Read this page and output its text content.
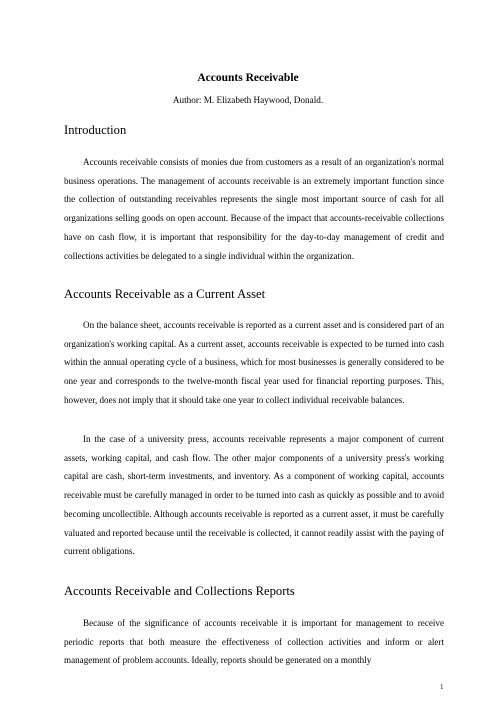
Accounts Receivable
Author: M. Elizabeth Haywood, Donald.
Introduction

Accounts receivable consists of monies due from customers as a result of an organization's normal business operations. The management of accounts receivable is an extremely important function since the collection of outstanding receivables represents the single most important source of cash for all organizations selling goods on open account. Because of the impact that accounts-receivable collections have on cash flow, it is important that responsibility for the day-to-day management of credit and collections activities be delegated to a single individual within the organization.

Accounts Receivable as a Current Asset

On the balance sheet, accounts receivable is reported as a current asset and is considered part of an organization's working capital. As a current asset, accounts receivable is expected to be turned into cash within the annual operating cycle of a business, which for most businesses is generally considered to be one year and corresponds to the twelve-month fiscal year used for financial reporting purposes. This, however, does not imply that it should take one year to collect individual receivable balances.

In the case of a university press, accounts receivable represents a major component of current assets, working capital, and cash flow. The other major components of a university press's working capital are cash, short-term investments, and inventory. As a component of working capital, accounts receivable must be carefully managed in order to be turned into cash as quickly as possible and to avoid becoming uncollectible. Although accounts receivable is reported as a current asset, it must be carefully valuated and reported because until the receivable is collected, it cannot readily assist with the paying of current obligations.

Accounts Receivable and Collections Reports

Because of the significance of accounts receivable it is important for management to receive periodic reports that both measure the effectiveness of collection activities and inform or alert management of problem accounts. Ideally, reports should be generated on a monthly

1
